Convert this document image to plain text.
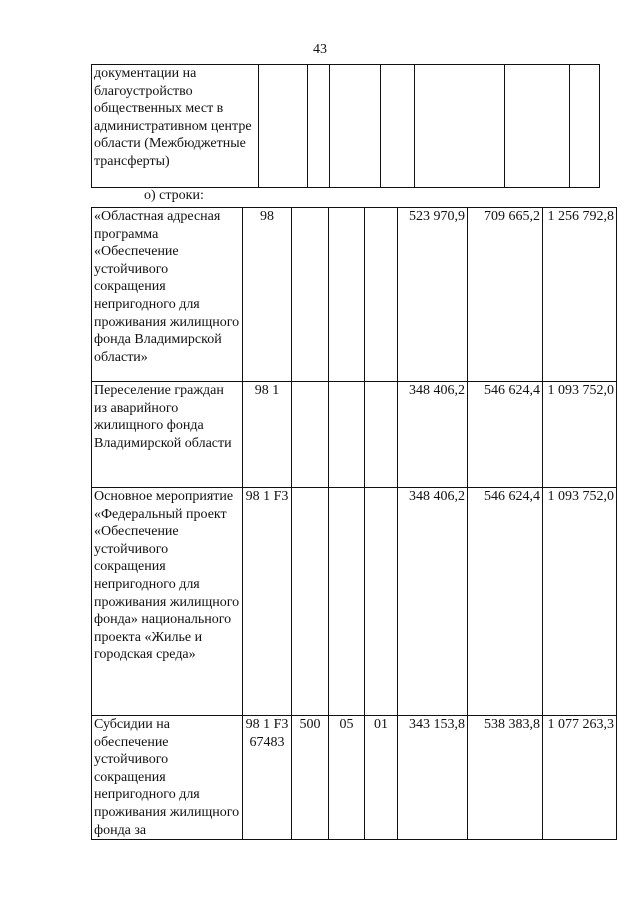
43
документации на благоустройство общественных мест в административном центре области (Межбюджетные трансферты)							
о) строки:
«Областная адресная программа «Обеспечение устойчивого сокращения непригодного для проживания жилищного фонда Владимирской области»	98				523 970,9	709 665,2	1 256 792,8
Переселение граждан из аварийного жилищного фонда Владимирской области	98 1				348 406,2	546 624,4	1 093 752,0
Основное мероприятие «Федеральный проект «Обеспечение устойчивого сокращения непригодного для проживания жилищного фонда» национального проекта «Жилье и городская среда»	98 1 F3				348 406,2	546 624,4	1 093 752,0
Субсидии на обеспечение устойчивого сокращения непригодного для проживания жилищного фонда за	98 1 F3 67483	500	05	01	343 153,8	538 383,8	1 077 263,3
